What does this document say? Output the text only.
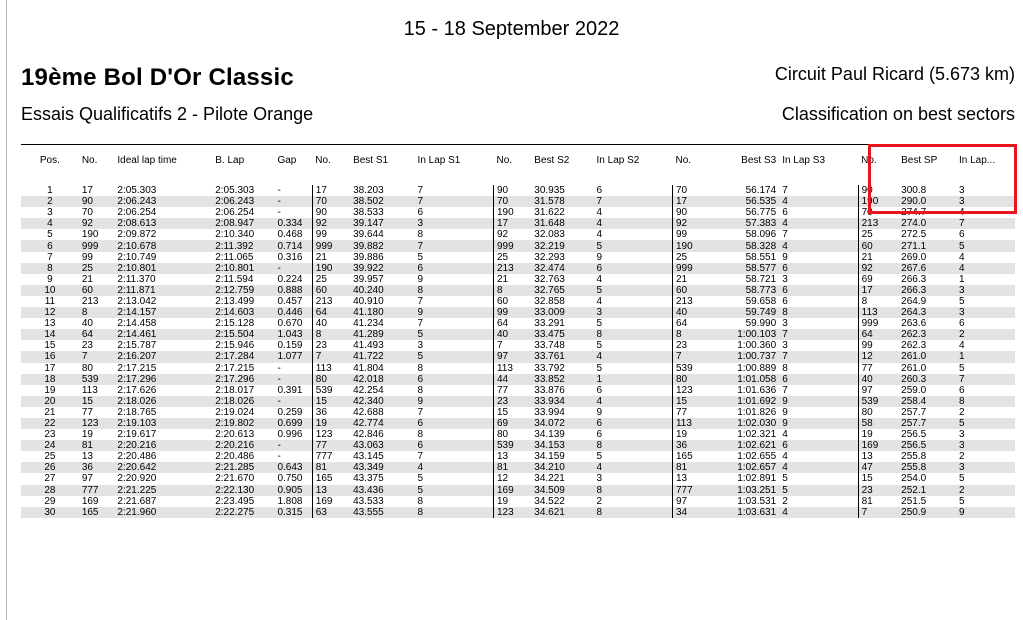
15 - 18 September 2022
19ème Bol D'Or Classic	Circuit Paul Ricard (5.673 km)
Essais Qualificatifs 2 - Pilote Orange	Classification on best sectors
Pos.	No.	Ideal lap time	B. Lap	Gap	No.	Best S1	In Lap S1	No.	Best S2	In Lap S2	No.	Best S3	In Lap S3	No.	Best SP	In Lap...

1	17	2:05.303	2:05.303	-	17	38.203	7	90	30.935	6	70	56.174	7	90	300.8	3
2	90	2:06.243	2:06.243	-	70	38.502	7	70	31.578	7	17	56.535	4	190	290.0	3
3	70	2:06.254	2:06.254	-	90	38.533	6	190	31.622	4	90	56.775	6	70	274.7	4
4	92	2:08.613	2:08.947	0.334	92	39.147	3	17	31.648	4	92	57.383	4	213	274.0	7
5	190	2:09.872	2:10.340	0.468	99	39.644	8	92	32.083	4	99	58.096	7	25	272.5	6
6	999	2:10.678	2:11.392	0.714	999	39.882	7	999	32.219	5	190	58.328	4	60	271.1	5
7	99	2:10.749	2:11.065	0.316	21	39.886	5	25	32.293	9	25	58.551	9	21	269.0	4
8	25	2:10.801	2:10.801	-	190	39.922	6	213	32.474	6	999	58.577	6	92	267.6	4
9	21	2:11.370	2:11.594	0.224	25	39.957	9	21	32.763	4	21	58.721	3	69	266.3	1
10	60	2:11.871	2:12.759	0.888	60	40.240	8	8	32.765	5	60	58.773	6	17	266.3	3
11	213	2:13.042	2:13.499	0.457	213	40.910	7	60	32.858	4	213	59.658	6	8	264.9	5
12	8	2:14.157	2:14.603	0.446	64	41.180	9	99	33.009	3	40	59.749	8	113	264.3	3
13	40	2:14.458	2:15.128	0.670	40	41.234	7	64	33.291	5	64	59.990	3	999	263.6	6
14	64	2:14.461	2:15.504	1.043	8	41.289	5	40	33.475	8	8	1:00.103	7	64	262.3	2
15	23	2:15.787	2:15.946	0.159	23	41.493	3	7	33.748	5	23	1:00.360	3	99	262.3	4
16	7	2:16.207	2:17.284	1.077	7	41.722	5	97	33.761	4	7	1:00.737	7	12	261.0	1
17	80	2:17.215	2:17.215	-	113	41.804	8	113	33.792	5	539	1:00.889	8	77	261.0	5
18	539	2:17.296	2:17.296	-	80	42.018	6	44	33.852	1	80	1:01.058	6	40	260.3	7
19	113	2:17.626	2:18.017	0.391	539	42.254	8	77	33.876	6	123	1:01.636	7	97	259.0	6
20	15	2:18.026	2:18.026	-	15	42.340	9	23	33.934	4	15	1:01.692	9	539	258.4	8
21	77	2:18.765	2:19.024	0.259	36	42.688	7	15	33.994	9	77	1:01.826	9	80	257.7	2
22	123	2:19.103	2:19.802	0.699	19	42.774	6	69	34.072	6	113	1:02.030	9	58	257.7	5
23	19	2:19.617	2:20.613	0.996	123	42.846	8	80	34.139	6	19	1:02.321	4	19	256.5	3
24	81	2:20.216	2:20.216	-	77	43.063	6	539	34.153	8	36	1:02.621	6	169	256.5	3
25	13	2:20.486	2:20.486	-	777	43.145	7	13	34.159	5	165	1:02.655	4	13	255.8	2
26	36	2:20.642	2:21.285	0.643	81	43.349	4	81	34.210	4	81	1:02.657	4	47	255.8	3
27	97	2:20.920	2:21.670	0.750	165	43.375	5	12	34.221	3	13	1:02.891	5	15	254.0	5
28	777	2:21.225	2:22.130	0.905	13	43.436	5	169	34.509	8	777	1:03.251	5	23	252.1	2
29	169	2:21.687	2:23.495	1.808	169	43.533	8	19	34.522	2	97	1:03.531	2	81	251.5	5
30	165	2:21.960	2:22.275	0.315	63	43.555	8	123	34.621	8	34	1:03.631	4	7	250.9	9
